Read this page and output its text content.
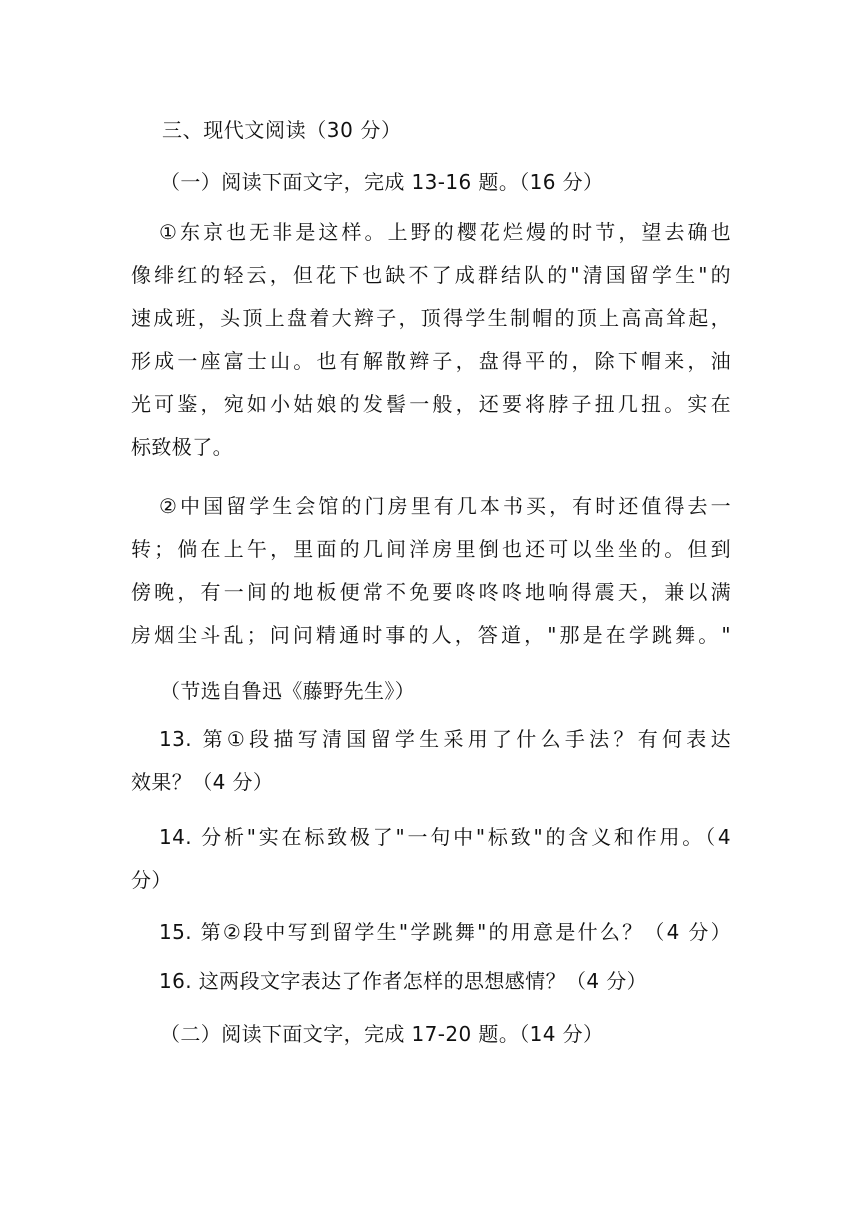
三、现代文阅读（30 分）
（一）阅读下面文字，完成 13-16 题。（16 分）
①东京也无非是这样。上野的樱花烂熳的时节，望去确也
像绯红的轻云，但花下也缺不了成群结队的"清国留学生"的
速成班，头顶上盘着大辫子，顶得学生制帽的顶上高高耸起，
形成一座富士山。也有解散辫子，盘得平的，除下帽来，油
光可鉴，宛如小姑娘的发髻一般，还要将脖子扭几扭。实在
标致极了。
②中国留学生会馆的门房里有几本书买，有时还值得去一
转；倘在上午，里面的几间洋房里倒也还可以坐坐的。但到
傍晚，有一间的地板便常不免要咚咚咚地响得震天，兼以满
房烟尘斗乱；问问精通时事的人，答道，"那是在学跳舞。"
（节选自鲁迅《藤野先生》）
13. 第①段描写清国留学生采用了什么手法？有何表达
效果？（4 分）
14. 分析"实在标致极了"一句中"标致"的含义和作用。（4
分）
15. 第②段中写到留学生"学跳舞"的用意是什么？（4 分）
16. 这两段文字表达了作者怎样的思想感情？（4 分）
（二）阅读下面文字，完成 17-20 题。（14 分）
